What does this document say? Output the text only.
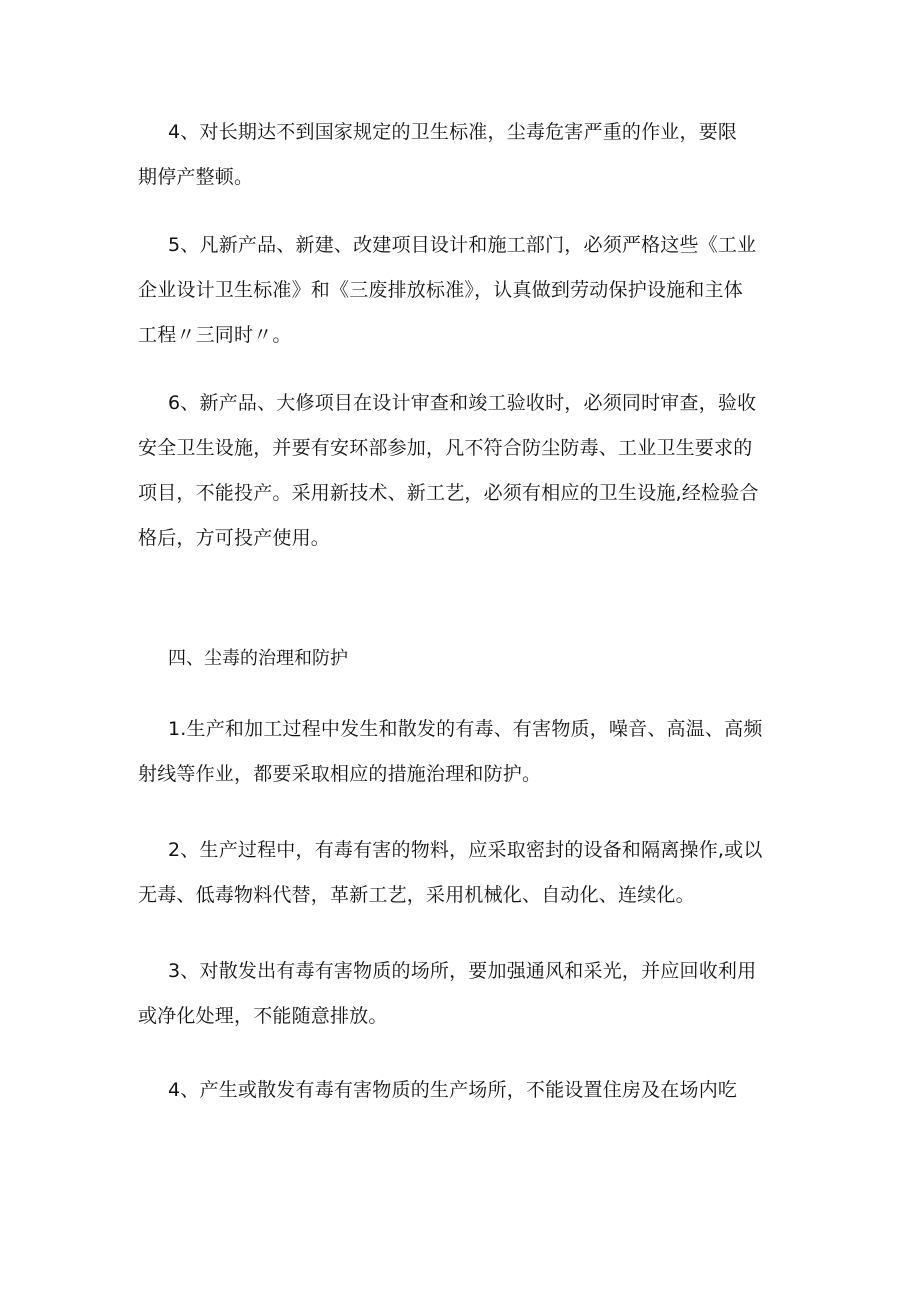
4、对长期达不到国家规定的卫生标准，尘毒危害严重的作业，要限
期停产整顿。
5、凡新产品、新建、改建项目设计和施工部门，必须严格这些《工业
企业设计卫生标准》和《三废排放标准》，认真做到劳动保护设施和主体
工程〃三同时〃。
6、新产品、大修项目在设计审查和竣工验收时，必须同时审查，验收
安全卫生设施，并要有安环部参加，凡不符合防尘防毒、工业卫生要求的
项目，不能投产。采用新技术、新工艺，必须有相应的卫生设施,经检验合
格后，方可投产使用。
四、尘毒的治理和防护
1.生产和加工过程中发生和散发的有毒、有害物质，噪音、高温、高频
射线等作业，都要采取相应的措施治理和防护。
2、生产过程中，有毒有害的物料，应采取密封的设备和隔离操作,或以
无毒、低毒物料代替，革新工艺，采用机械化、自动化、连续化。
3、对散发出有毒有害物质的场所，要加强通风和采光，并应回收利用
或净化处理，不能随意排放。
4、产生或散发有毒有害物质的生产场所，不能设置住房及在场内吃
